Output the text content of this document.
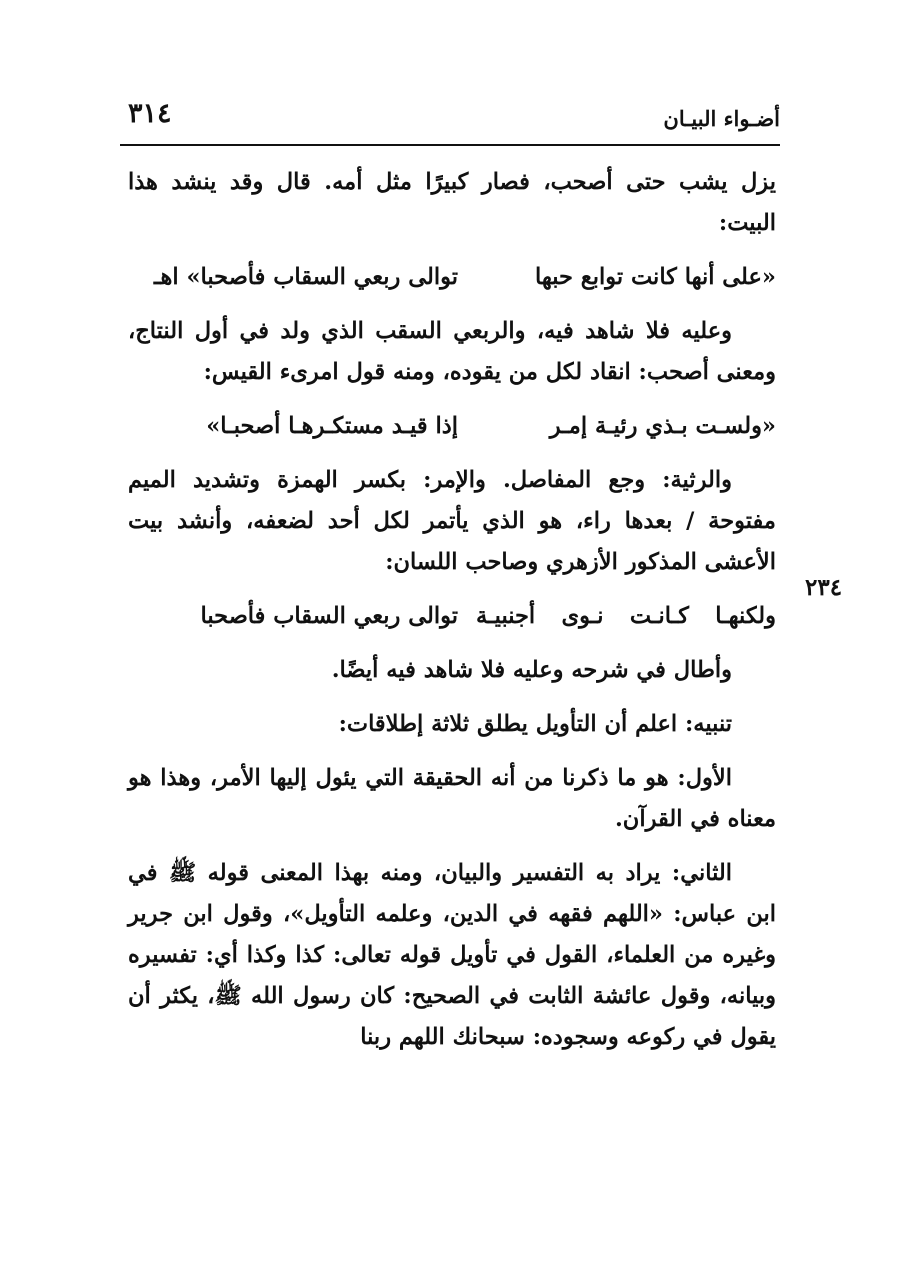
٣١٤	أضـواء البيـان
٢٣٤

يزل يشب حتى أصحب، فصار كبيرًا مثل أمه. قال وقد ينشد هذا البيت:

«على أنها كانت توابع حبها
توالى ربعي السقاب فأصحبا» اهـ

وعليه فلا شاهد فيه، والربعي السقب الذي ولد في أول النتاج، ومعنى أصحب: انقاد لكل من يقوده، ومنه قول امرىء القيس:

«ولسـت بـذي رئيـة إمـر
إذا قيـد مستكـرهـا أصحبـا»

والرثية: وجع المفاصل. والإمر: بكسر الهمزة وتشديد الميم مفتوحة / بعدها راء، هو الذي يأتمر لكل أحد لضعفه، وأنشد بيت الأعشى المذكور الأزهري وصاحب اللسان:

ولكنهـا كـانـت نـوى أجنبيـة
توالى ربعي السقاب فأصحبا

وأطال في شرحه وعليه فلا شاهد فيه أيضًا.

تنبيه: اعلم أن التأويل يطلق ثلاثة إطلاقات:

الأول: هو ما ذكرنا من أنه الحقيقة التي يئول إليها الأمر، وهذا هو معناه في القرآن.

الثاني: يراد به التفسير والبيان، ومنه بهذا المعنى قوله ﷺ في ابن عباس: «اللهم فقهه في الدين، وعلمه التأويل»، وقول ابن جرير وغيره من العلماء، القول في تأويل قوله تعالى: كذا وكذا أي: تفسيره وبيانه، وقول عائشة الثابت في الصحيح: كان رسول الله ﷺ، يكثر أن يقول في ركوعه وسجوده: سبحانك اللهم ربنا
